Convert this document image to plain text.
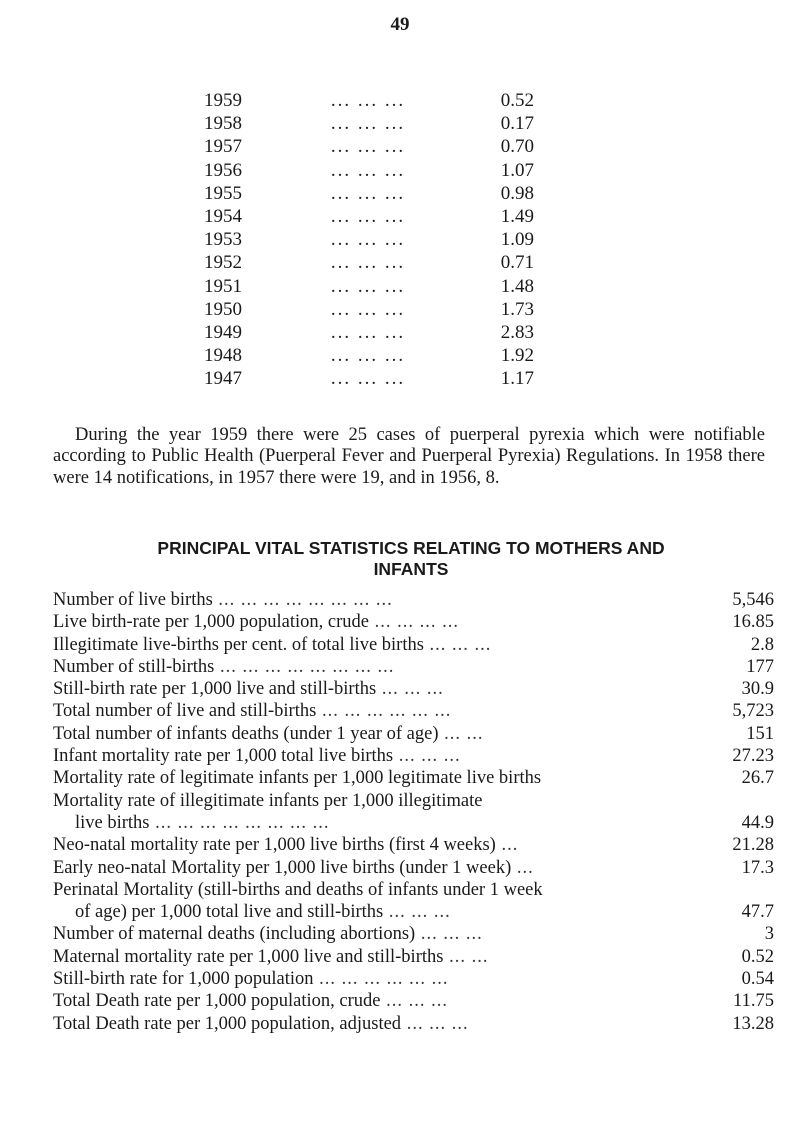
49
1959	... ... ...	0.52
1958	... ... ...	0.17
1957	... ... ...	0.70
1956	... ... ...	1.07
1955	... ... ...	0.98
1954	... ... ...	1.49
1953	... ... ...	1.09
1952	... ... ...	0.71
1951	... ... ...	1.48
1950	... ... ...	1.73
1949	... ... ...	2.83
1948	... ... ...	1.92
1947	... ... ...	1.17

During the year 1959 there were 25 cases of puerperal pyrexia which were notifiable according to Public Health (Puerperal Fever and Puerperal Pyrexia) Regulations. In 1958 there were 14 notifications, in 1957 there were 19, and in 1956, 8.

PRINCIPAL VITAL STATISTICS RELATING TO MOTHERS AND
INFANTS
Number of live births ... ... ... ... ... ... ... ...	5,546
Live birth-rate per 1,000 population, crude ... ... ... ...	16.85
Illegitimate live-births per cent. of total live births ... ... ...	2.8
Number of still-births ... ... ... ... ... ... ... ...	177
Still-birth rate per 1,000 live and still-births ... ... ...	30.9
Total number of live and still-births ... ... ... ... ... ...	5,723
Total number of infants deaths (under 1 year of age) ... ...	151
Infant mortality rate per 1,000 total live births ... ... ...	27.23
Mortality rate of legitimate infants per 1,000 legitimate live births	26.7
Mortality rate of illegitimate infants per 1,000 illegitimate
live births ... ... ... ... ... ... ... ...	44.9
Neo-natal mortality rate per 1,000 live births (first 4 weeks) ...	21.28
Early neo-natal Mortality per 1,000 live births (under 1 week) ...	17.3
Perinatal Mortality (still-births and deaths of infants under 1 week
of age) per 1,000 total live and still-births ... ... ...	47.7
Number of maternal deaths (including abortions) ... ... ...	3
Maternal mortality rate per 1,000 live and still-births ... ...	0.52
Still-birth rate for 1,000 population ... ... ... ... ... ...	0.54
Total Death rate per 1,000 population, crude ... ... ...	11.75
Total Death rate per 1,000 population, adjusted ... ... ...	13.28
